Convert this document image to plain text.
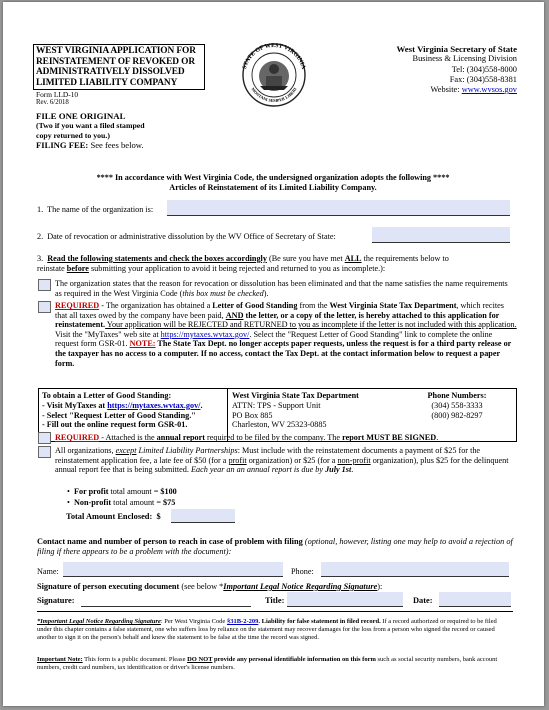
WEST VIRGINIA APPLICATION FOR
REINSTATEMENT OF REVOKED OR
ADMINISTRATIVELY DISSOLVED
LIMITED LIABILITY COMPANY
Form LLD-10
Rev. 6/2018
STATE OF WEST VIRGINIA
MONTANI SEMPER LIBERI
West Virginia Secretary of State
Business & Licensing Division
Tel: (304)558-8000
Fax: (304)558-8381
Website: www.wvsos.gov
FILE ONE ORIGINAL
(Two if you want a filed stamped
copy returned to you.)
FILING FEE: See fees below.
**** In accordance with West Virginia Code, the undersigned organization adopts the following ****
Articles of Reinstatement of its Limited Liability Company.
1. The name of the organization is:
2. Date of revocation or administrative dissolution by the WV Office of Secretary of State:

3. Read the following statements and check the boxes accordingly (Be sure you have met ALL the requirements below to
reinstate before submitting your application to avoid it being rejected and returned to you as incomplete.):

The organization states that the reason for revocation or dissolution has been eliminated and that the name satisfies the name requirements as required in the West Virginia Code (this box must be checked).

REQUIRED - The organization has obtained a Letter of Good Standing from the West Virginia State Tax Department, which recites that all taxes owed by the company have been paid, AND the letter, or a copy of the letter, is hereby attached to this application for reinstatement. Your application will be REJECTED and RETURNED to you as incomplete if the letter is not included with this application. Visit the "MyTaxes" web site at https://mytaxes.wvtax.gov/. Select the "Request Letter of Good Standing" link to complete the online request form GSR-01. NOTE: The State Tax Dept. no longer accepts paper requests, unless the request is for a third party release or the taxpayer has no access to a computer. If no access, contact the Tax Dept. at the contact information below to request a paper form.

To obtain a Letter of Good Standing:
- Visit MyTaxes at https://mytaxes.wvtax.gov/.
- Select "Request Letter of Good Standing."
- Fill out the online request form GSR-01.
West Virginia State Tax Department
ATTN: TPS - Support Unit
PO Box 885
Charleston, WV 25323-0885
Phone Numbers:
(304) 558-3333
(800) 982-8297

REQUIRED - Attached is the annual report required to be filed by the company. The report MUST BE SIGNED.

All organizations, except Limited Liability Partnerships: Must include with the reinstatement documents a payment of $25 for the reinstatement application fee, a late fee of $50 (for a profit organization) or $25 (for a non-profit organization), plus $25 for the delinquent annual report fee that is being submitted. Each year an an annual report is due by July 1st.

• For profit total amount = $100
• Non-profit total amount = $75
Total Amount Enclosed: $

Contact name and number of person to reach in case of problem with filing (optional, however, listing one may help to avoid a rejection of filing if there appears to be a problem with the document):

Name:	Phone:

Signature of person executing document (see below *Important Legal Notice Regarding Signature):

Signature:	Title:	Date:

*Important Legal Notice Regarding Signature: Per West Virginia Code §31B-2-209. Liability for false statement in filed record. If a record authorized or required to be filed under this chapter contains a false statement, one who suffers loss by reliance on the statement may recover damages for the loss from a person who signed the record or caused another to sign it on the person's behalf and knew the statement to be false at the time the record was signed.

Important Note: This form is a public document. Please DO NOT provide any personal identifiable information on this form such as social security numbers, bank account numbers, credit card numbers, tax identification or driver's license numbers.
